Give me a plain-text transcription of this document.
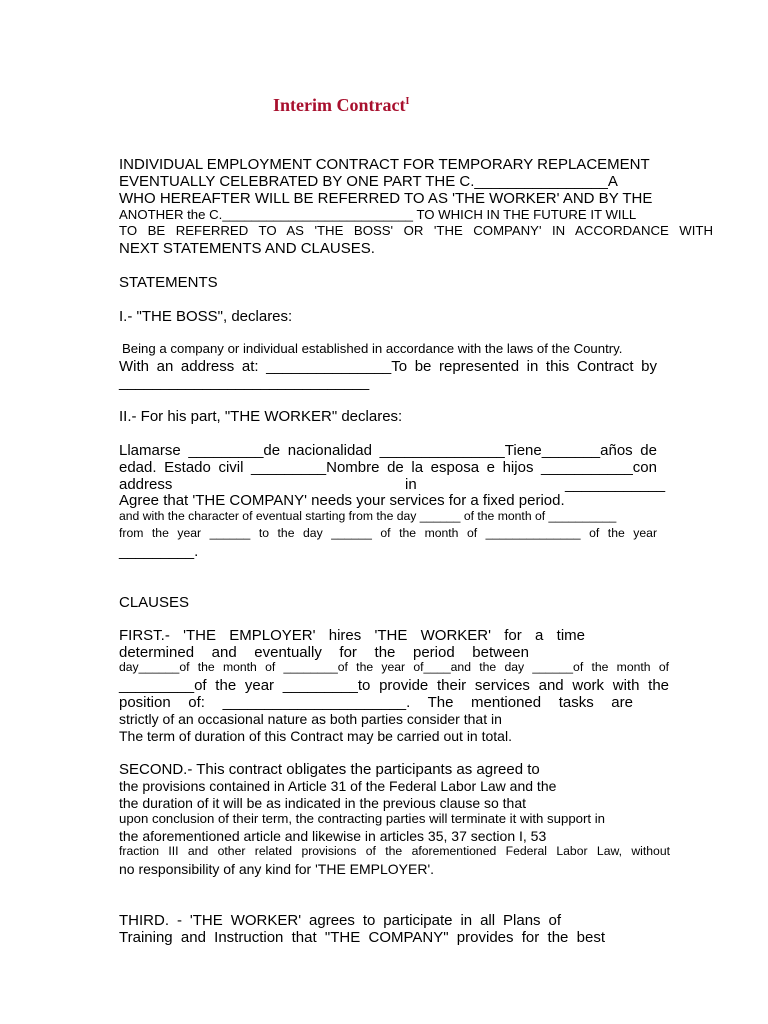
Interim Contract$^I$

INDIVIDUAL EMPLOYMENT CONTRACT FOR TEMPORARY REPLACEMENT

EVENTUALLY CELEBRATED BY ONE PART THE C.________________A

WHO HEREAFTER WILL BE REFERRED TO AS 'THE WORKER' AND BY THE

ANOTHER the C.__________________________ TO WHICH IN THE FUTURE IT WILL

TO BE REFERRED TO AS 'THE BOSS' OR 'THE COMPANY' IN ACCORDANCE WITH

NEXT STATEMENTS AND CLAUSES.

STATEMENTS

I.- "THE BOSS", declares:

Being a company or individual established in accordance with the laws of the Country.

With an address at: _______________To be represented in this Contract by

______________________________

II.- For his part, "THE WORKER" declares:

Llamarse _________de nacionalidad _______________Tiene_______años de

edad. Estado civil _________Nombre de la esposa e hijos ___________con

address	in	____________

Agree that 'THE COMPANY' needs your services for a fixed period.

and with the character of eventual starting from the day ______ of the month of __________

from the year ______ to the day ______ of the month of ______________ of the year

_________.

CLAUSES

FIRST.- 'THE EMPLOYER' hires 'THE WORKER' for a time

determined and eventually for the period between

day______of the month of ________of the year of____and the day ______of the month of

_________of the year _________to provide their services and work with the

position of: ______________________. The mentioned tasks are

strictly of an occasional nature as both parties consider that in

The term of duration of this Contract may be carried out in total.

SECOND.- This contract obligates the participants as agreed to

the provisions contained in Article 31 of the Federal Labor Law and the

the duration of it will be as indicated in the previous clause so that

upon conclusion of their term, the contracting parties will terminate it with support in

the aforementioned article and likewise in articles 35, 37 section I, 53

fraction III and other related provisions of the aforementioned Federal Labor Law, without

no responsibility of any kind for 'THE EMPLOYER'.

THIRD. - 'THE WORKER' agrees to participate in all Plans of

Training and Instruction that "THE COMPANY" provides for the best
